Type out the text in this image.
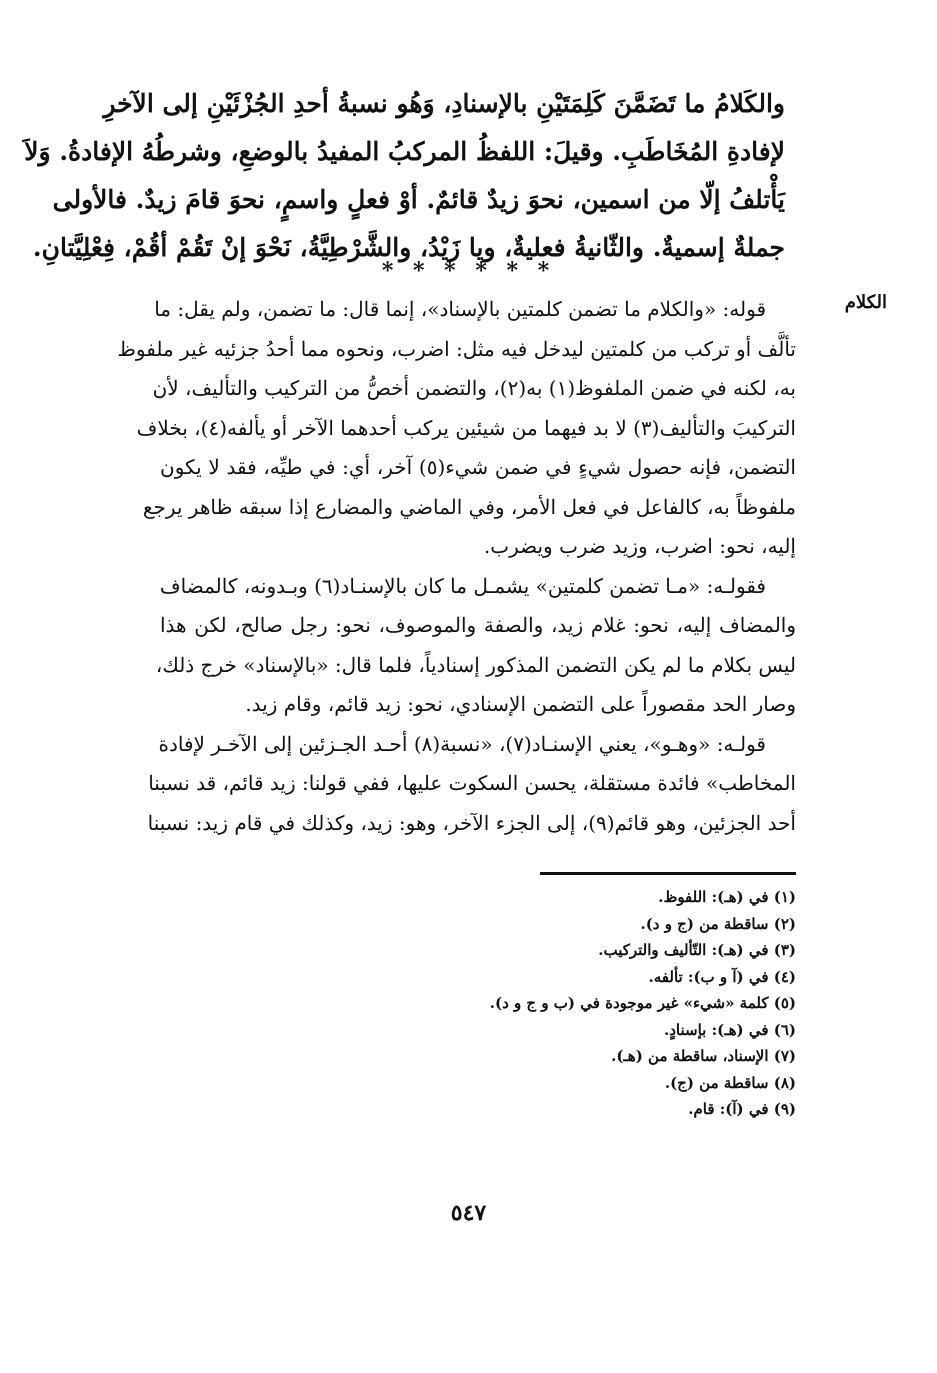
والكَلامُ ما تَضَمَّنَ كَلِمَتَيْنِ بالإسنادِ، وَهُو نسبةُ أحدِ الجُزْئَيْنِ إلى الآخرِ
لإفادةِ المُخَاطَبِ. وقيلَ: اللفظُ المركبُ المفيدُ بالوضعِ، وشرطُهُ الإفادةُ. وَلاَ
يَأْتلفُ إلّا من اسمين، نحوَ زيدٌ قائمٌ. أوْ فعلٍ واسمٍ، نحوَ قامَ زيدٌ. فالأولى
جملةٌ إسميةٌ. والثّانيةُ فعليةٌ، ويا زَيْدُ، والشَّرْطِيَّةُ، نَحْوَ إنْ تَقُمْ أقُمْ، فِعْلِيَّتانِ.
* * * * * *
الكلام
قوله: «والكلام ما تضمن كلمتين بالإسناد»، إنما قال: ما تضمن، ولم يقل: ما
تألَّف أو تركب من كلمتين ليدخل فيه مثل: اضرب، ونحوه مما أحدُ جزئيه غير ملفوظ
به، لكنه في ضمن الملفوظ(١) به(٢)، والتضمن أخصُّ من التركيب والتأليف، لأن
التركيبَ والتأليف(٣) لا بد فيهما من شيئين يركب أحدهما الآخر أو يألفه(٤)، بخلاف
التضمن، فإنه حصول شيءٍ في ضمن شيء(٥) آخر، أي: في طيِّه، فقد لا يكون
ملفوظاً به، كالفاعل في فعل الأمر، وفي الماضي والمضارع إذا سبقه ظاهر يرجع
إليه، نحو: اضرب، وزيد ضرب ويضرب.
فقولـه: «مـا تضمن كلمتين» يشمـل ما كان بالإسنـاد(٦) وبـدونه، كالمضاف
والمضاف إليه، نحو: غلام زيد، والصفة والموصوف، نحو: رجل صالح، لكن هذا
ليس بكلام ما لم يكن التضمن المذكور إسنادياً، فلما قال: «بالإسناد» خرج ذلك،
وصار الحد مقصوراً على التضمن الإسنادي، نحو: زيد قائم، وقام زيد.
قولـه: «وهـو»، يعني الإسنـاد(٧)، «نسبة(٨) أحـد الجـزئين إلى الآخـر لإفادة
المخاطب» فائدة مستقلة، يحسن السكوت عليها، ففي قولنا: زيد قائم، قد نسبنا
أحد الجزئين، وهو قائم(٩)، إلى الجزء الآخر، وهو: زيد، وكذلك في قام زيد: نسبنا
(١) في (هـ): اللفوظ.
(٢) ساقطة من (ج و د).
(٣) في (هـ): التّأليف والتركيب.
(٤) في (آ و ب): تألفه.
(٥) كلمة «شيء» غير موجودة في (ب و ج و د).
(٦) في (هـ): بإسنادٍ.
(٧) الإسناد، ساقطة من (هـ).
(٨) ساقطة من (ج).
(٩) في (آ): قام.
٥٤٧
